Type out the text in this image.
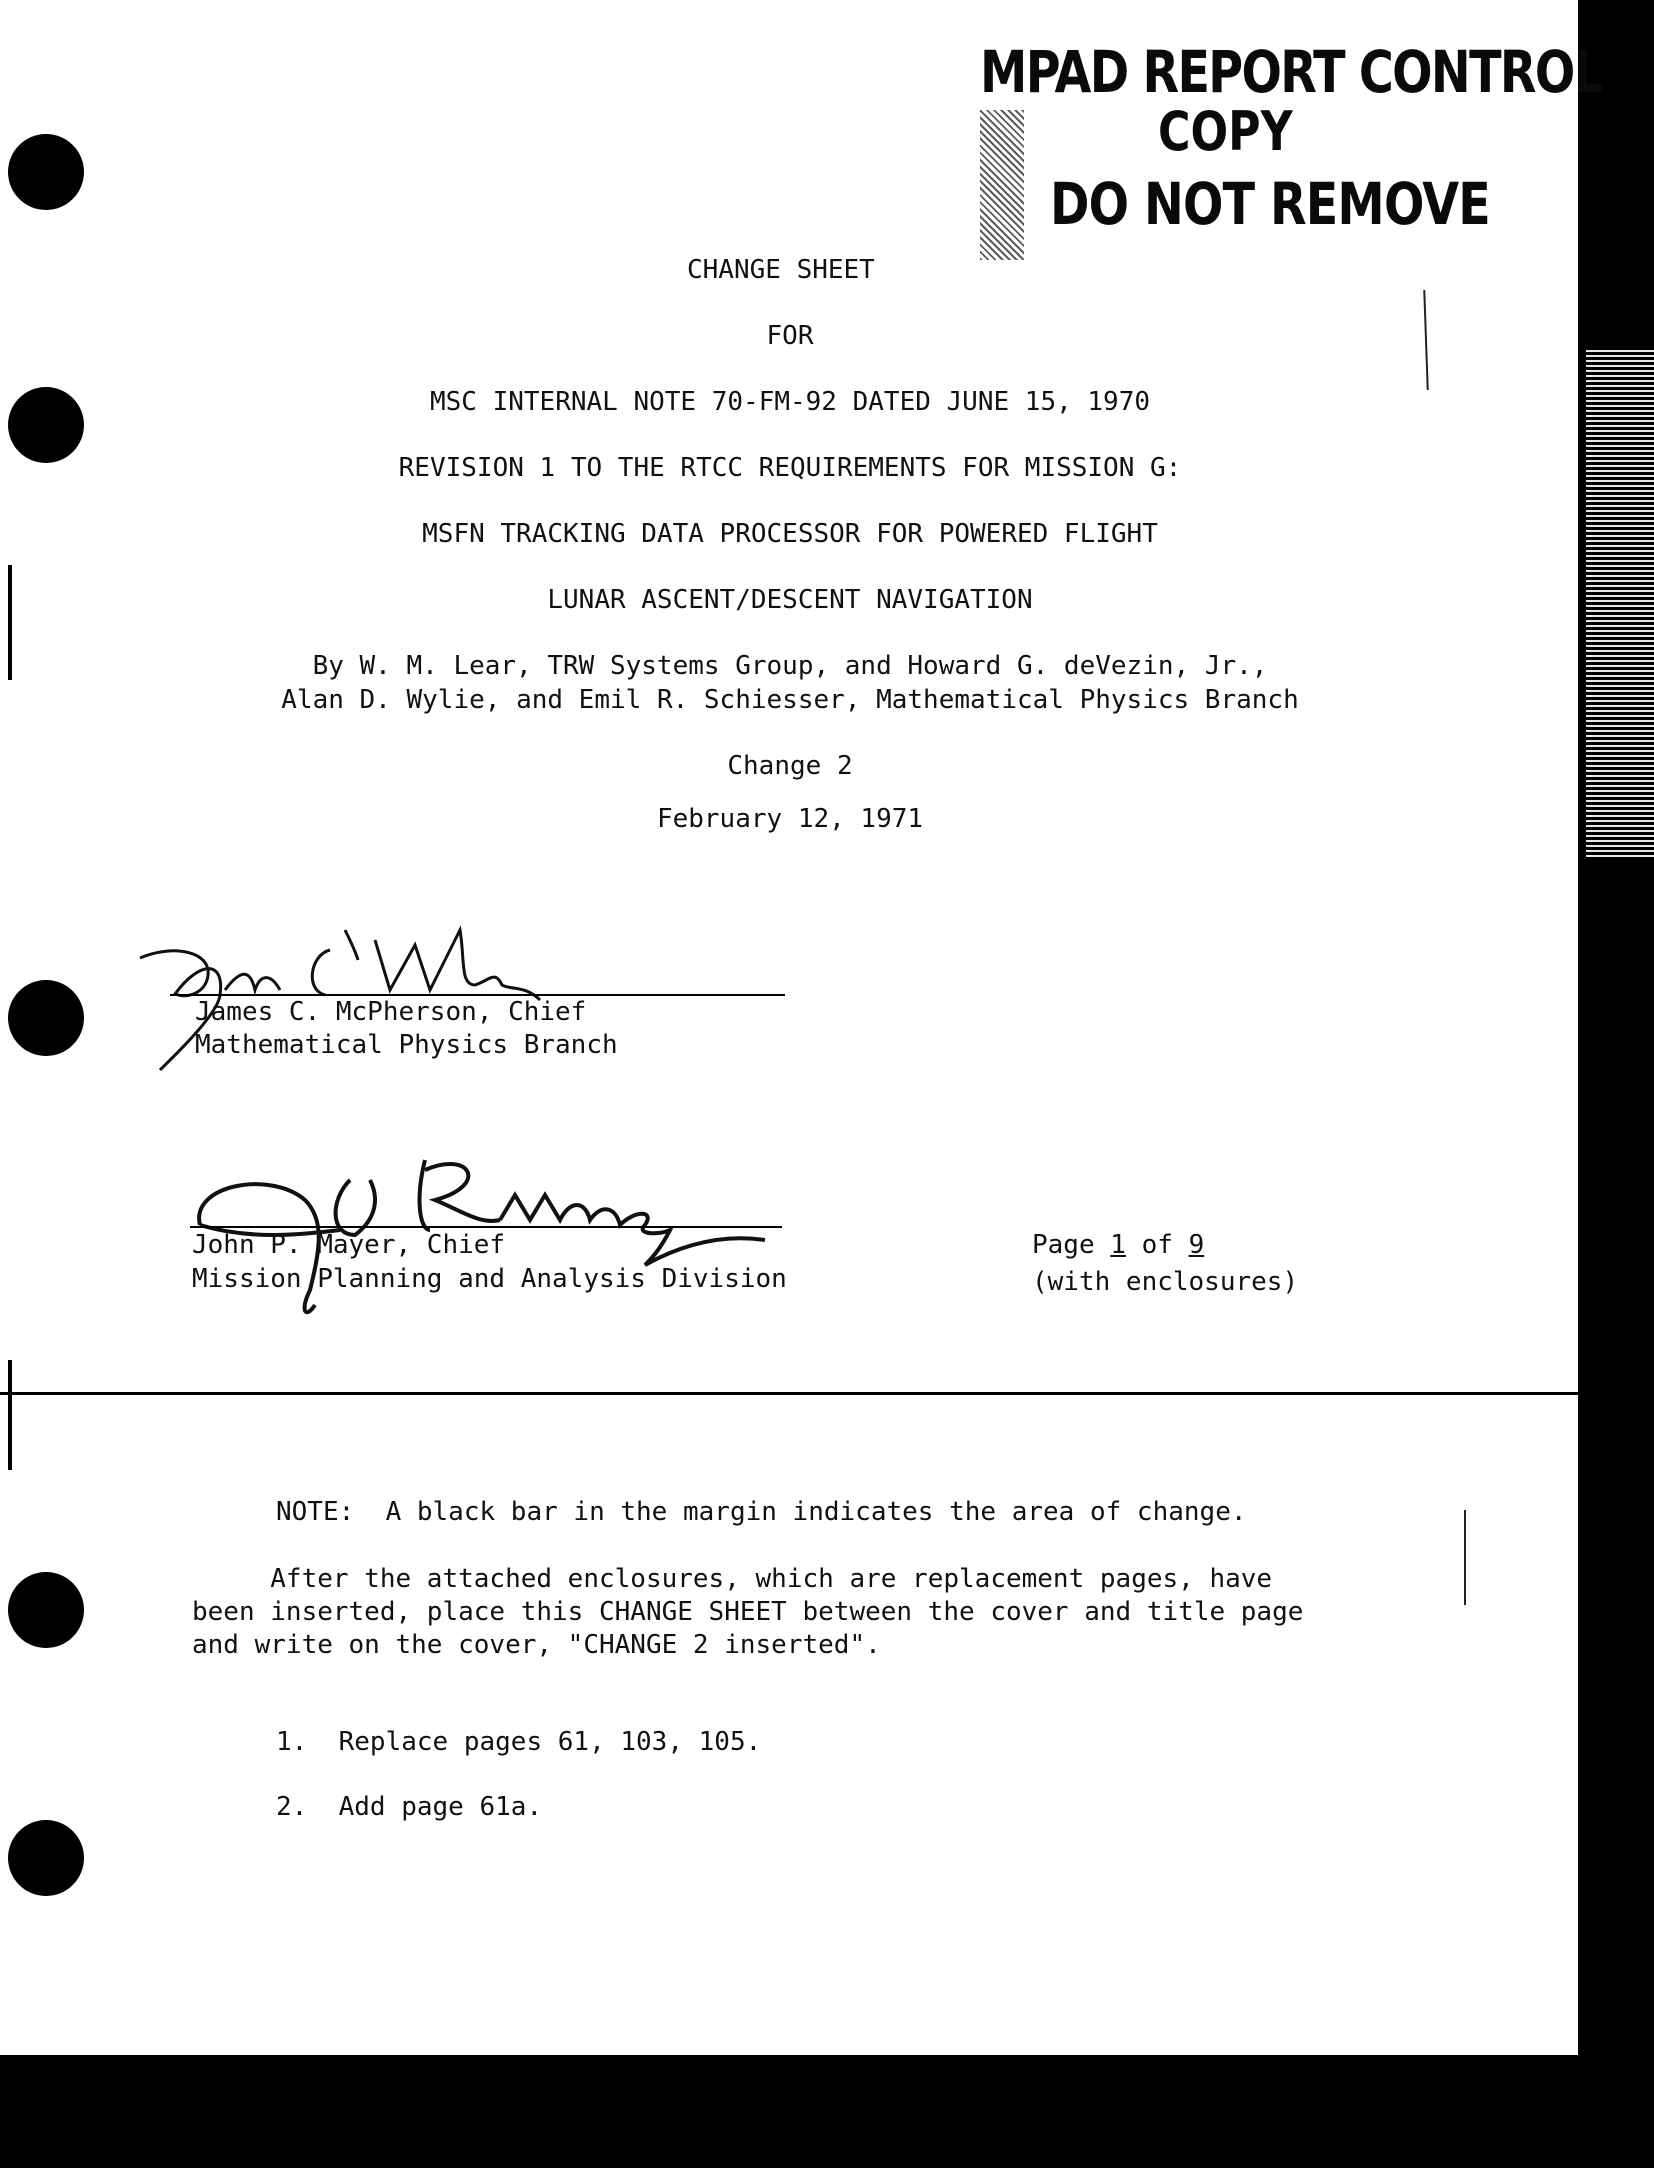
MPAD REPORT CONTROL
COPY
DO NOT REMOVE
CHANGE SHEET
FOR
MSC INTERNAL NOTE 70-FM-92 DATED JUNE 15, 1970
REVISION 1 TO THE RTCC REQUIREMENTS FOR MISSION G:
MSFN TRACKING DATA PROCESSOR FOR POWERED FLIGHT
LUNAR ASCENT/DESCENT NAVIGATION
By W. M. Lear, TRW Systems Group, and Howard G. deVezin, Jr.,
Alan D. Wylie, and Emil R. Schiesser, Mathematical Physics Branch
Change 2
February 12, 1971
James C. McPherson, Chief
Mathematical Physics Branch
John P. Mayer, Chief
Mission Planning and Analysis Division
Page 1 of 9
(with enclosures)
NOTE:  A black bar in the margin indicates the area of change.
After the attached enclosures, which are replacement pages, have
been inserted, place this CHANGE SHEET between the cover and title page
and write on the cover, "CHANGE 2 inserted".
1.  Replace pages 61, 103, 105.
2.  Add page 61a.
